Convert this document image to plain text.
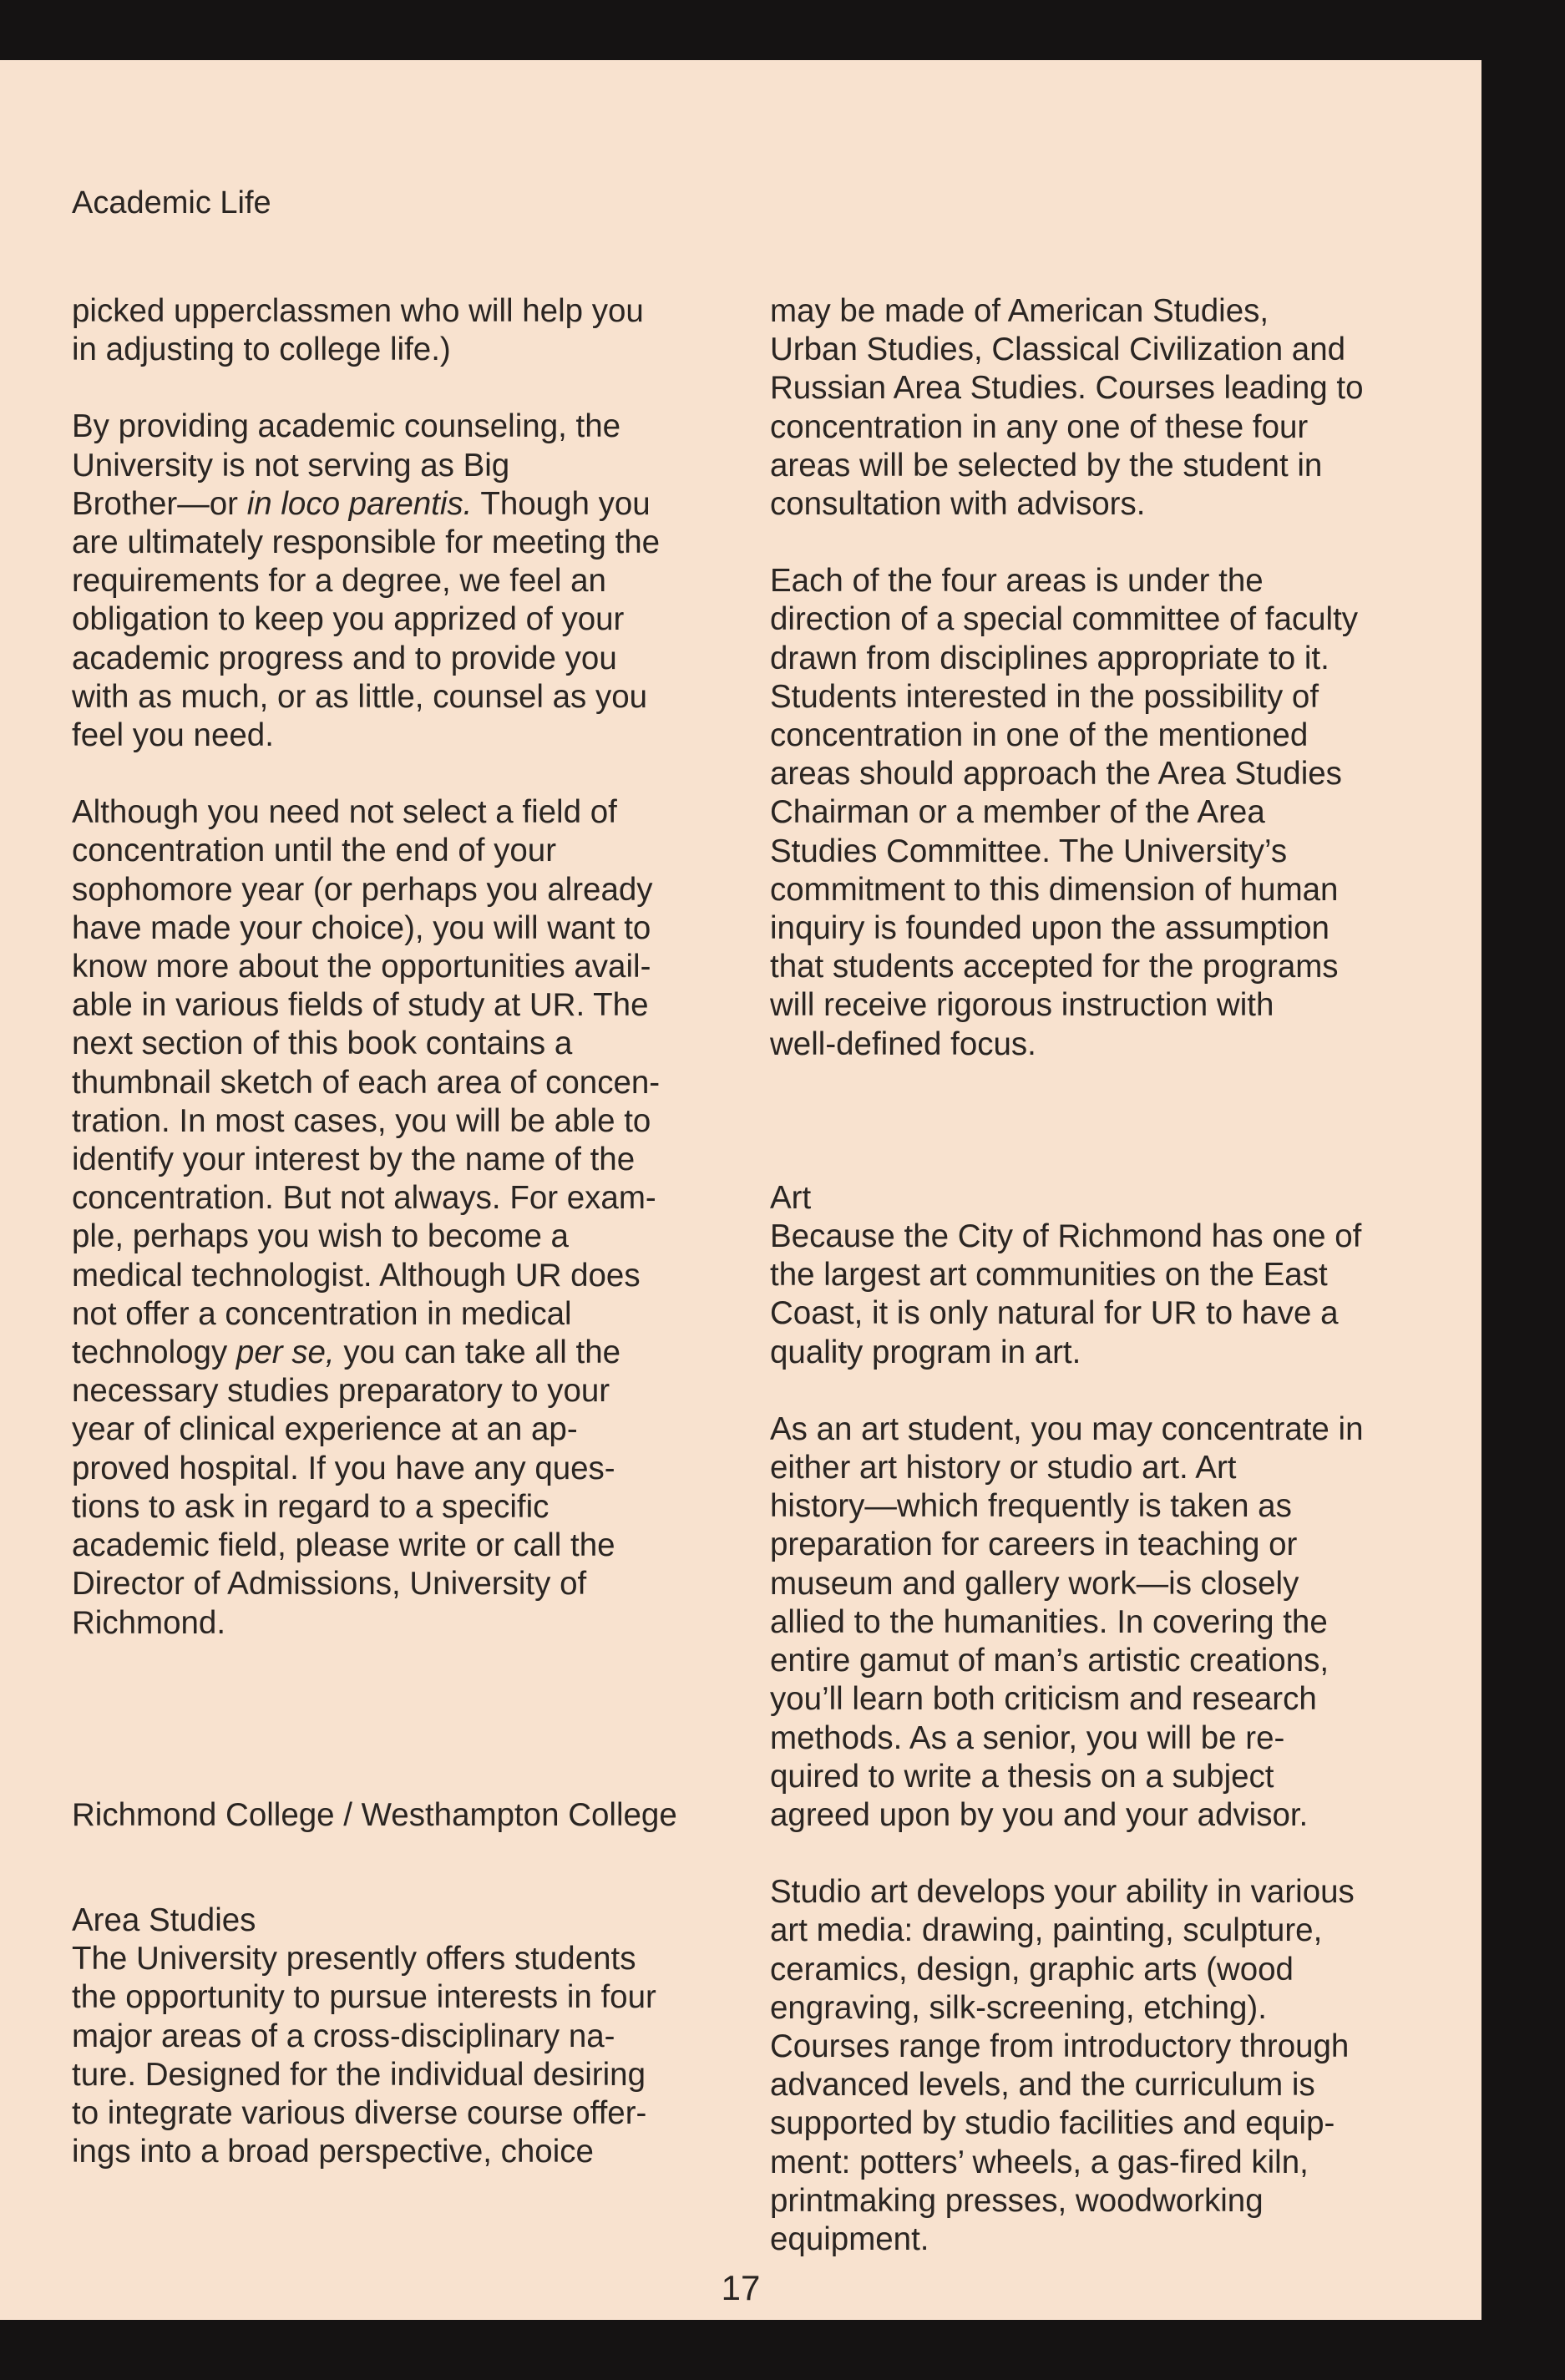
Academic Life

picked upperclassmen who will help you
in adjusting to college life.)

By providing academic counseling, the
University is not serving as Big
Brother—or in loco parentis. Though you
are ultimately responsible for meeting the
requirements for a degree, we feel an
obligation to keep you apprized of your
academic progress and to provide you
with as much, or as little, counsel as you
feel you need.

Although you need not select a field of
concentration until the end of your
sophomore year (or perhaps you already
have made your choice), you will want to
know more about the opportunities avail-
able in various fields of study at UR. The
next section of this book contains a
thumbnail sketch of each area of concen-
tration. In most cases, you will be able to
identify your interest by the name of the
concentration. But not always. For exam-
ple, perhaps you wish to become a
medical technologist. Although UR does
not offer a concentration in medical
technology per se, you can take all the
necessary studies preparatory to your
year of clinical experience at an ap-
proved hospital. If you have any ques-
tions to ask in regard to a specific
academic field, please write or call the
Director of Admissions, University of
Richmond.

Richmond College / Westhampton College
Area Studies

The University presently offers students
the opportunity to pursue interests in four
major areas of a cross-disciplinary na-
ture. Designed for the individual desiring
to integrate various diverse course offer-
ings into a broad perspective, choice

may be made of American Studies,
Urban Studies, Classical Civilization and
Russian Area Studies. Courses leading to
concentration in any one of these four
areas will be selected by the student in
consultation with advisors.

Each of the four areas is under the
direction of a special committee of faculty
drawn from disciplines appropriate to it.
Students interested in the possibility of
concentration in one of the mentioned
areas should approach the Area Studies
Chairman or a member of the Area
Studies Committee. The University’s
commitment to this dimension of human
inquiry is founded upon the assumption
that students accepted for the programs
will receive rigorous instruction with
well-defined focus.

Art

Because the City of Richmond has one of
the largest art communities on the East
Coast, it is only natural for UR to have a
quality program in art.

As an art student, you may concentrate in
either art history or studio art. Art
history—which frequently is taken as
preparation for careers in teaching or
museum and gallery work—is closely
allied to the humanities. In covering the
entire gamut of man’s artistic creations,
you’ll learn both criticism and research
methods. As a senior, you will be re-
quired to write a thesis on a subject
agreed upon by you and your advisor.

Studio art develops your ability in various
art media: drawing, painting, sculpture,
ceramics, design, graphic arts (wood
engraving, silk-screening, etching).
Courses range from introductory through
advanced levels, and the curriculum is
supported by studio facilities and equip-
ment: potters’ wheels, a gas-fired kiln,
printmaking presses, woodworking
equipment.

17
